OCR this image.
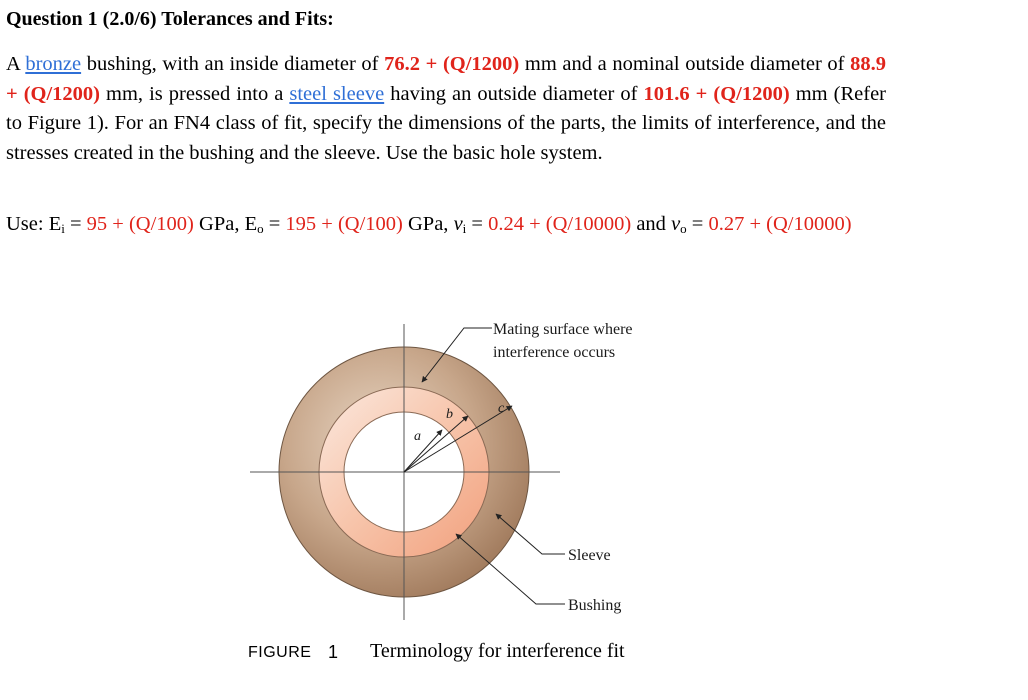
Question 1 (2.0/6) Tolerances and Fits:
A bronze bushing, with an inside diameter of 76.2 + (Q/1200) mm and a nominal outside diameter of 88.9 + (Q/1200) mm, is pressed into a steel sleeve having an outside diameter of 101.6 + (Q/1200) mm (Refer to Figure 1). For an FN4 class of fit, specify the dimensions of the parts, the limits of interference, and the stresses created in the bushing and the sleeve. Use the basic hole system.
Use: $E_i = 95 + (Q/100)$ GPa, $E_o = 195 + (Q/100)$ GPa, $v_i = 0.24 + (Q/10000)$ and $v_o = 0.27 + (Q/10000)$
a
b	c
Mating surface where
interference occurs
Sleeve
Bushing
FIGURE 1 Terminology for interference fit
